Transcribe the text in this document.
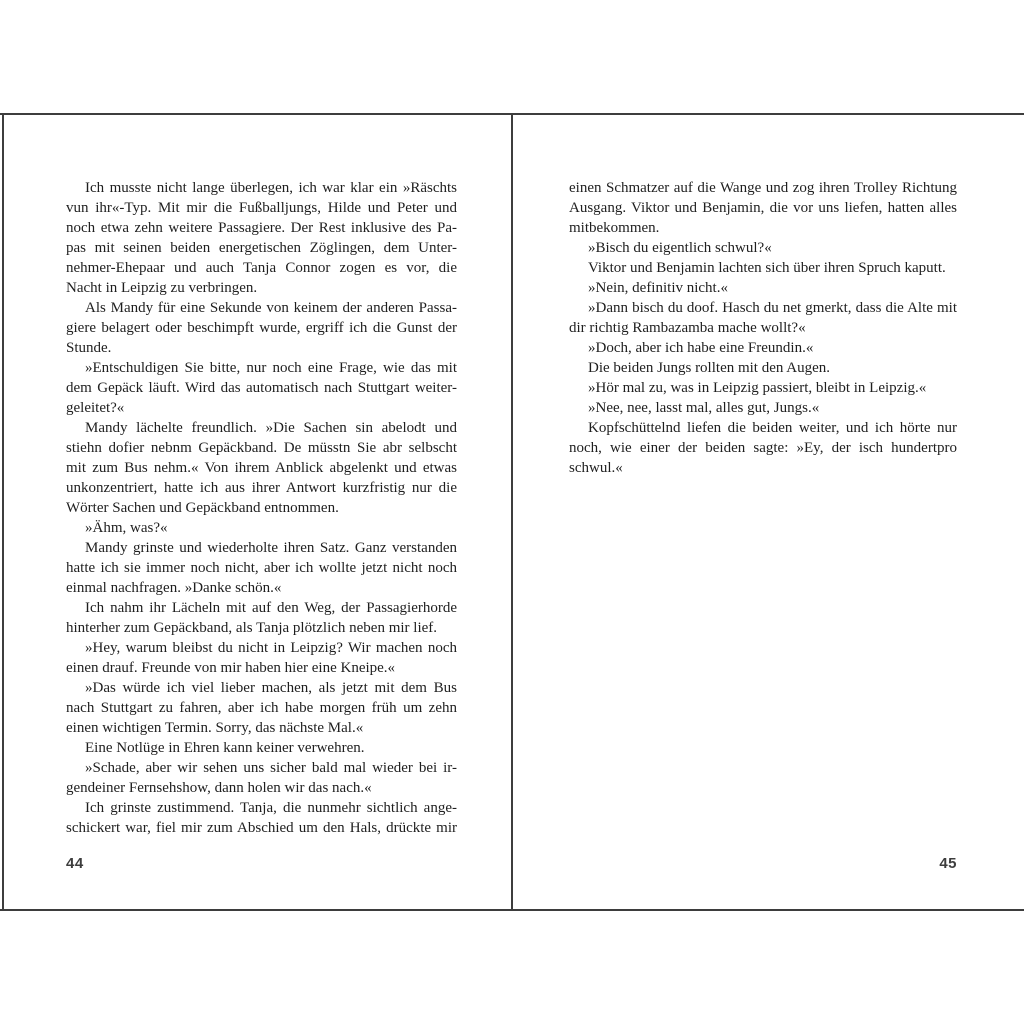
Ich musste nicht lange überlegen, ich war klar ein »Räschts
vun ihr«-Typ. Mit mir die Fußballjungs, Hilde und Peter und
noch etwa zehn weitere Passagiere. Der Rest inklusive des Pa-
pas mit seinen beiden energetischen Zöglingen, dem Unter-
nehmer-Ehepaar und auch Tanja Connor zogen es vor, die
Nacht in Leipzig zu verbringen.
Als Mandy für eine Sekunde von keinem der anderen Passa-
giere belagert oder beschimpft wurde, ergriff ich die Gunst der
Stunde.
»Entschuldigen Sie bitte, nur noch eine Frage, wie das mit
dem Gepäck läuft. Wird das automatisch nach Stuttgart weiter-
geleitet?«
Mandy lächelte freundlich. »Die Sachen sin abelodt und
stiehn dofier nebnm Gepäckband. De müsstn Sie abr selbscht
mit zum Bus nehm.« Von ihrem Anblick abgelenkt und etwas
unkonzentriert, hatte ich aus ihrer Antwort kurzfristig nur die
Wörter Sachen und Gepäckband entnommen.
»Ähm, was?«
Mandy grinste und wiederholte ihren Satz. Ganz verstanden
hatte ich sie immer noch nicht, aber ich wollte jetzt nicht noch
einmal nachfragen. »Danke schön.«
Ich nahm ihr Lächeln mit auf den Weg, der Passagierhorde
hinterher zum Gepäckband, als Tanja plötzlich neben mir lief.
»Hey, warum bleibst du nicht in Leipzig? Wir machen noch
einen drauf. Freunde von mir haben hier eine Kneipe.«
»Das würde ich viel lieber machen, als jetzt mit dem Bus
nach Stuttgart zu fahren, aber ich habe morgen früh um zehn
einen wichtigen Termin. Sorry, das nächste Mal.«
Eine Notlüge in Ehren kann keiner verwehren.
»Schade, aber wir sehen uns sicher bald mal wieder bei ir-
gendeiner Fernsehshow, dann holen wir das nach.«
Ich grinste zustimmend. Tanja, die nunmehr sichtlich ange-
schickert war, fiel mir zum Abschied um den Hals, drückte mir
44
einen Schmatzer auf die Wange und zog ihren Trolley Richtung
Ausgang. Viktor und Benjamin, die vor uns liefen, hatten alles
mitbekommen.
»Bisch du eigentlich schwul?«
Viktor und Benjamin lachten sich über ihren Spruch kaputt.
»Nein, definitiv nicht.«
»Dann bisch du doof. Hasch du net gmerkt, dass die Alte mit
dir richtig Rambazamba mache wollt?«
»Doch, aber ich habe eine Freundin.«
Die beiden Jungs rollten mit den Augen.
»Hör mal zu, was in Leipzig passiert, bleibt in Leipzig.«
»Nee, nee, lasst mal, alles gut, Jungs.«
Kopfschüttelnd liefen die beiden weiter, und ich hörte nur
noch, wie einer der beiden sagte: »Ey, der isch hundertpro
schwul.«
45
